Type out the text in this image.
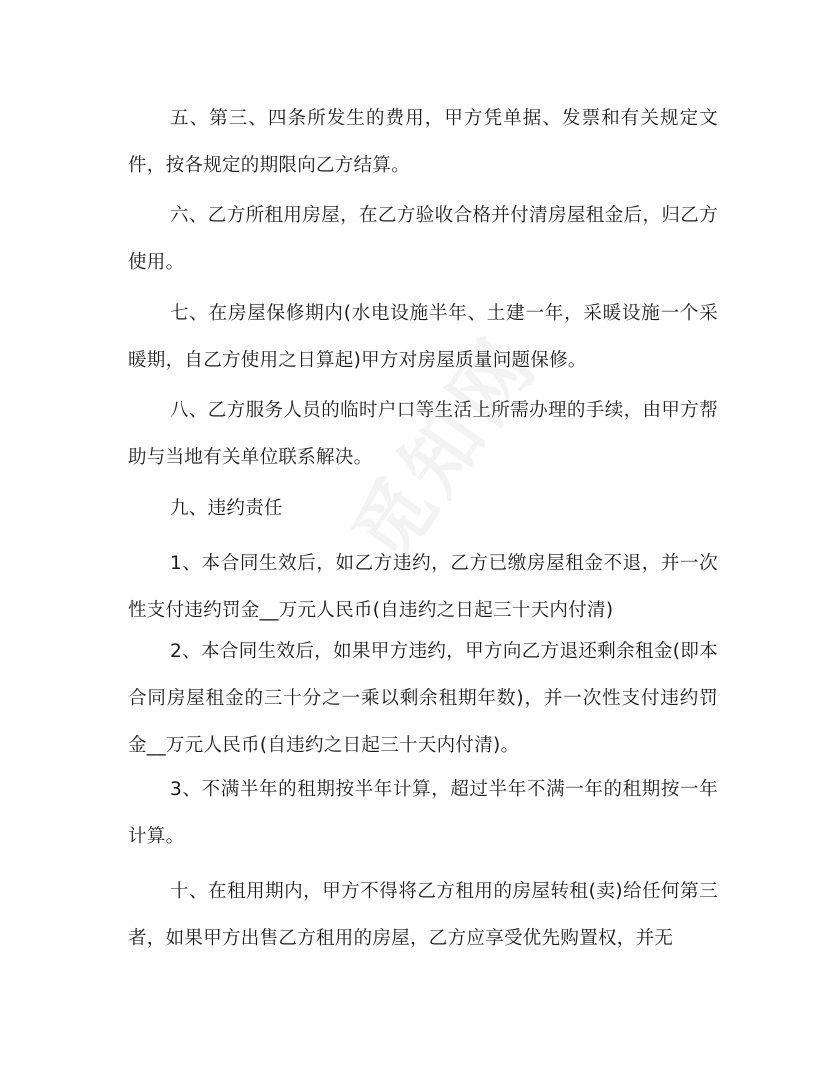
五、第三、四条所发生的费用，甲方凭单据、发票和有关规定文件，按各规定的期限向乙方结算。

六、乙方所租用房屋，在乙方验收合格并付清房屋租金后，归乙方使用。

七、在房屋保修期内(水电设施半年、土建一年，采暖设施一个采暖期，自乙方使用之日算起)甲方对房屋质量问题保修。

八、乙方服务人员的临时户口等生活上所需办理的手续，由甲方帮助与当地有关单位联系解决。

九、违约责任

1、本合同生效后，如乙方违约，乙方已缴房屋租金不退，并一次性支付违约罚金__万元人民币(自违约之日起三十天内付清)

2、本合同生效后，如果甲方违约，甲方向乙方退还剩余租金(即本合同房屋租金的三十分之一乘以剩余租期年数)，并一次性支付违约罚金__万元人民币(自违约之日起三十天内付清)。

3、不满半年的租期按半年计算，超过半年不满一年的租期按一年计算。

十、在租用期内，甲方不得将乙方租用的房屋转租(卖)给任何第三者，如果甲方出售乙方租用的房屋，乙方应享受优先购置权，并无
